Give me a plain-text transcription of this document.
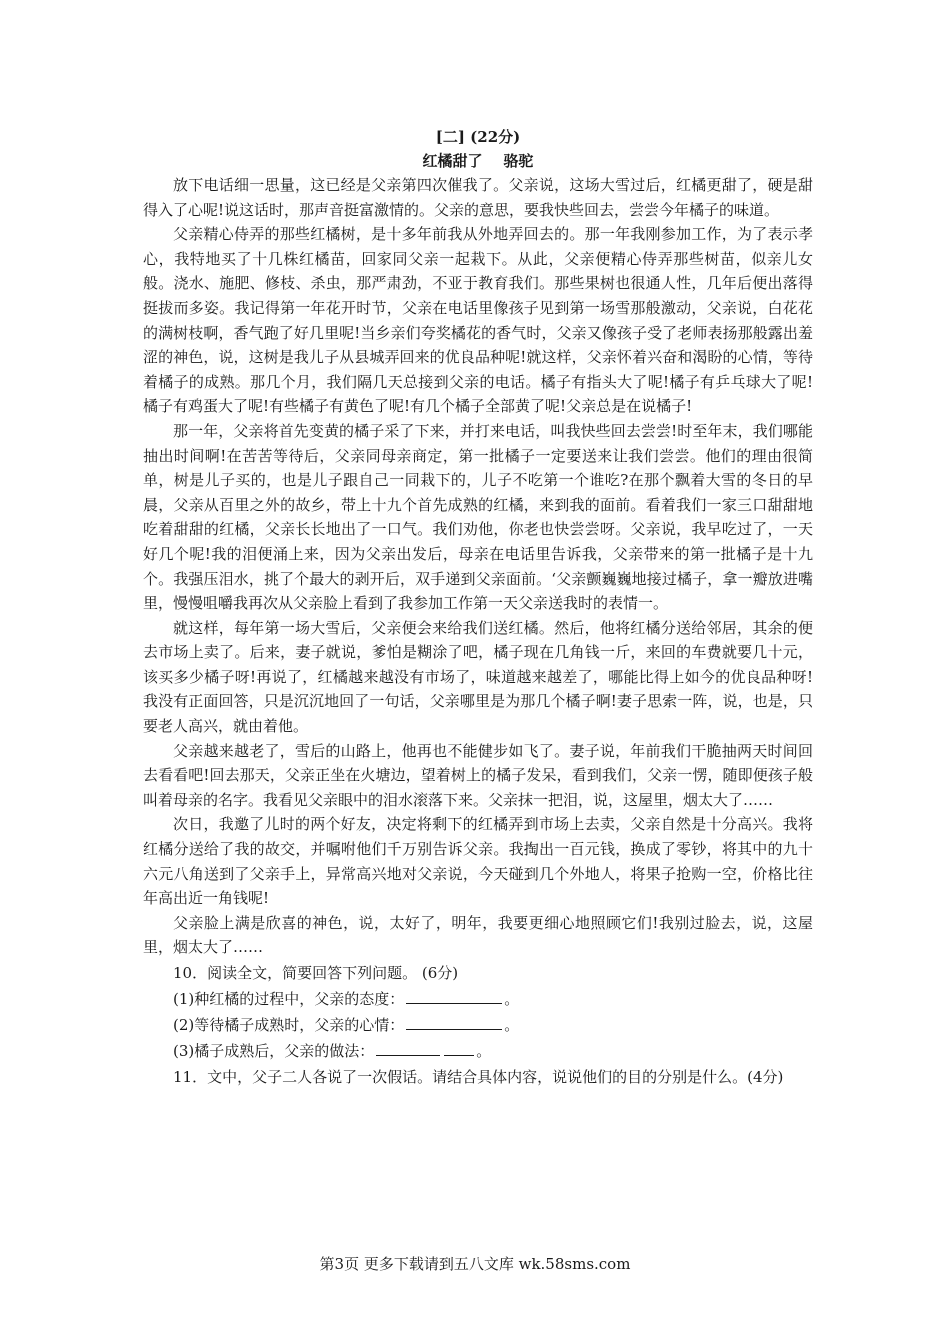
[二] (22分)

红橘甜了    骆驼

放下电话细一思量，这已经是父亲第四次催我了。父亲说，这场大雪过后，红橘更甜了，硬是甜得入了心呢!说这话时，那声音挺富激情的。父亲的意思，要我快些回去，尝尝今年橘子的味道。

父亲精心侍弄的那些红橘树，是十多年前我从外地弄回去的。那一年我刚参加工作，为了表示孝心，我特地买了十几株红橘苗，回家同父亲一起栽下。从此，父亲便精心侍弄那些树苗，似亲儿女般。浇水、施肥、修枝、杀虫，那严肃劲，不亚于教育我们。那些果树也很通人性，几年后便出落得挺拔而多姿。我记得第一年花开时节，父亲在电话里像孩子见到第一场雪那般激动，父亲说，白花花的满树枝啊，香气跑了好几里呢!当乡亲们夸奖橘花的香气时，父亲又像孩子受了老师表扬那般露出羞涩的神色，说，这树是我儿子从县城弄回来的优良品种呢!就这样，父亲怀着兴奋和渴盼的心情，等待着橘子的成熟。那几个月，我们隔几天总接到父亲的电话。橘子有指头大了呢!橘子有乒乓球大了呢!橘子有鸡蛋大了呢!有些橘子有黄色了呢!有几个橘子全部黄了呢!父亲总是在说橘子!

那一年，父亲将首先变黄的橘子采了下来，并打来电话，叫我快些回去尝尝!时至年末，我们哪能抽出时间啊!在苦苦等待后，父亲同母亲商定，第一批橘子一定要送来让我们尝尝。他们的理由很简单，树是儿子买的，也是儿子跟自己一同栽下的，儿子不吃第一个谁吃?在那个飘着大雪的冬日的早晨，父亲从百里之外的故乡，带上十九个首先成熟的红橘，来到我的面前。看着我们一家三口甜甜地吃着甜甜的红橘，父亲长长地出了一口气。我们劝他，你老也快尝尝呀。父亲说，我早吃过了，一天好几个呢!我的泪便涌上来，因为父亲出发后，母亲在电话里告诉我，父亲带来的第一批橘子是十九个。我强压泪水，挑了个最大的剥开后，双手递到父亲面前。‘父亲颤巍巍地接过橘子，拿一瓣放进嘴里，慢慢咀嚼我再次从父亲脸上看到了我参加工作第一天父亲送我时的表情一。

就这样，每年第一场大雪后，父亲便会来给我们送红橘。然后，他将红橘分送给邻居，其余的便去市场上卖了。后来，妻子就说，爹怕是糊涂了吧，橘子现在几角钱一斤，来回的车费就要几十元，该买多少橘子呀!再说了，红橘越来越没有市场了，味道越来越差了，哪能比得上如今的优良品种呀!我没有正面回答，只是沉沉地回了一句话，父亲哪里是为那几个橘子啊!妻子思索一阵，说，也是，只要老人高兴，就由着他。

父亲越来越老了，雪后的山路上，他再也不能健步如飞了。妻子说，年前我们干脆抽两天时间回去看看吧!回去那天，父亲正坐在火塘边，望着树上的橘子发呆，看到我们，父亲一愣，随即便孩子般叫着母亲的名字。我看见父亲眼中的泪水滚落下来。父亲抹一把泪，说，这屋里，烟太大了……

次日，我邀了儿时的两个好友，决定将剩下的红橘弄到市场上去卖，父亲自然是十分高兴。我将红橘分送给了我的故交，并嘱咐他们千万别告诉父亲。我掏出一百元钱，换成了零钞，将其中的九十六元八角送到了父亲手上，异常高兴地对父亲说，今天碰到几个外地人，将果子抢购一空，价格比往年高出近一角钱呢!

父亲脸上满是欣喜的神色，说，太好了，明年，我要更细心地照顾它们!我别过脸去，说，这屋里，烟太大了……

10．阅读全文，简要回答下列问题。 (6分)

(1)种红橘的过程中，父亲的态度：	。

(2)等待橘子成熟时，父亲的心情：	。

(3)橘子成熟后，父亲的做法：	。

11．文中，父子二人各说了一次假话。请结合具体内容，说说他们的目的分别是什么。(4分)

第3页 更多下载请到五八文库 wk.58sms.com
